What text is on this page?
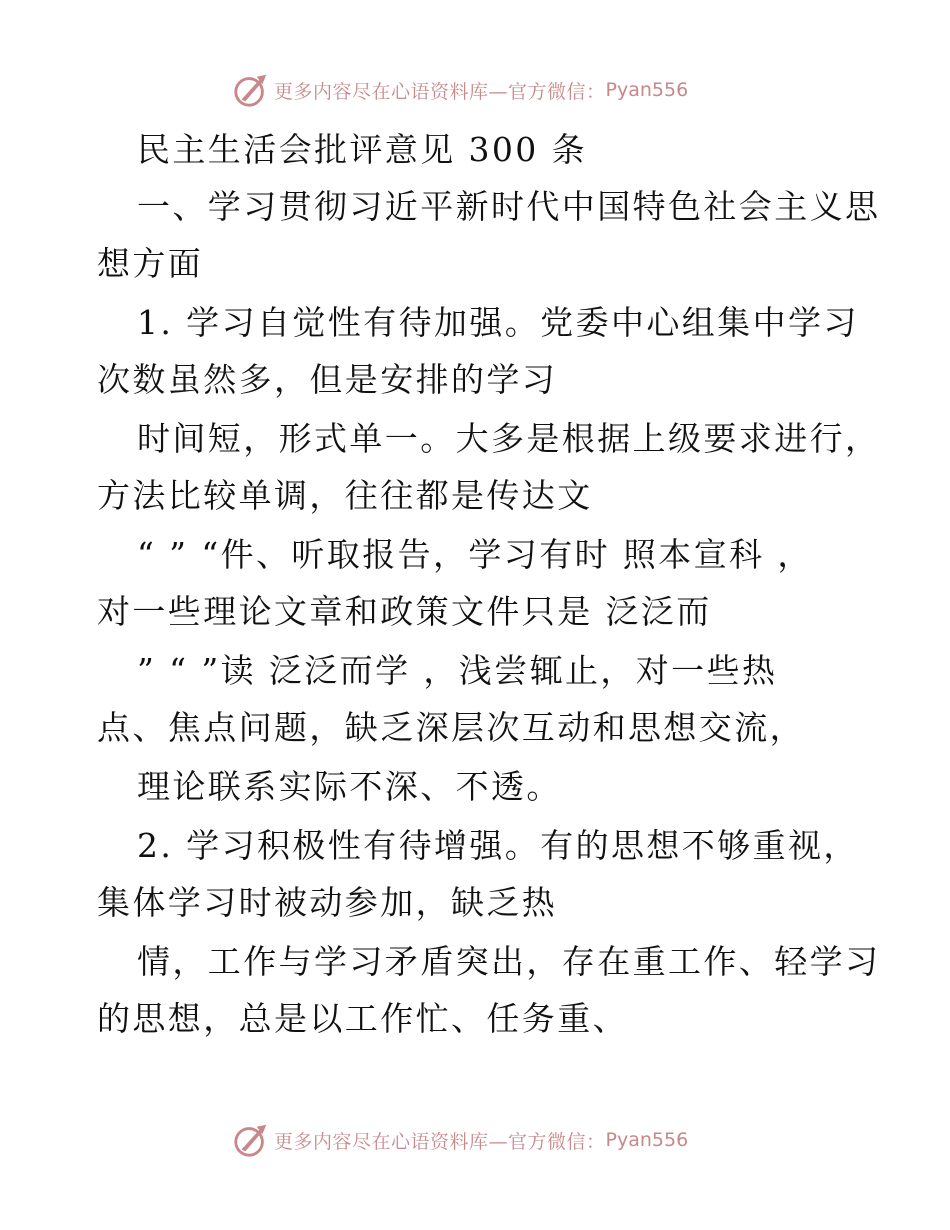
更多内容尽在心语资料库—官方微信： Pyan556
民主生活会批评意见 300 条
一、学习贯彻习近平新时代中国特色社会主义思
想方面
1. 学习自觉性有待加强。党委中心组集中学习
次数虽然多，但是安排的学习
时间短，形式单一。大多是根据上级要求进行，
方法比较单调，往往都是传达文
“ ” “件、听取报告，学习有时 照本宣科 ，
对一些理论文章和政策文件只是 泛泛而
” “ ”读 泛泛而学 ，浅尝辄止，对一些热
点、焦点问题，缺乏深层次互动和思想交流，
理论联系实际不深、不透。
2. 学习积极性有待增强。有的思想不够重视，
集体学习时被动参加，缺乏热
情，工作与学习矛盾突出，存在重工作、轻学习
的思想，总是以工作忙、任务重、
更多内容尽在心语资料库—官方微信： Pyan556
